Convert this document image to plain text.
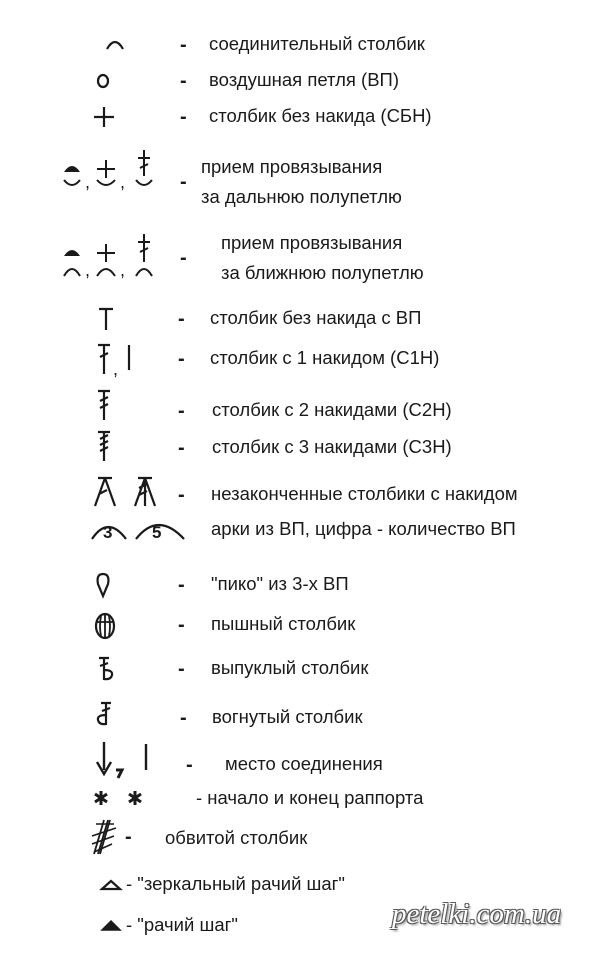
- соединительный столбик
- воздушная петля (ВП)
- столбик без накида (СБН)
, ,	-
прием провязывания
за дальнюю полупетлю
, ,
-
прием провязывания
за ближнюю полупетлю
- столбик без накида с ВП
,	- столбик с 1 накидом (С1Н)
- столбик с 2 накидами (С2Н)
- столбик с 3 накидами (С3Н)
- незаконченные столбики с накидом
3 5	арки из ВП, цифра - количество ВП
- "пико" из 3-х ВП
- пышный столбик
- выпуклый столбик
- вогнутый столбик
- место соединения
- начало и конец раппорта
- обвитой столбик
- "зеркальный рачий шаг"
- "рачий шаг"	petelki.com.ua
